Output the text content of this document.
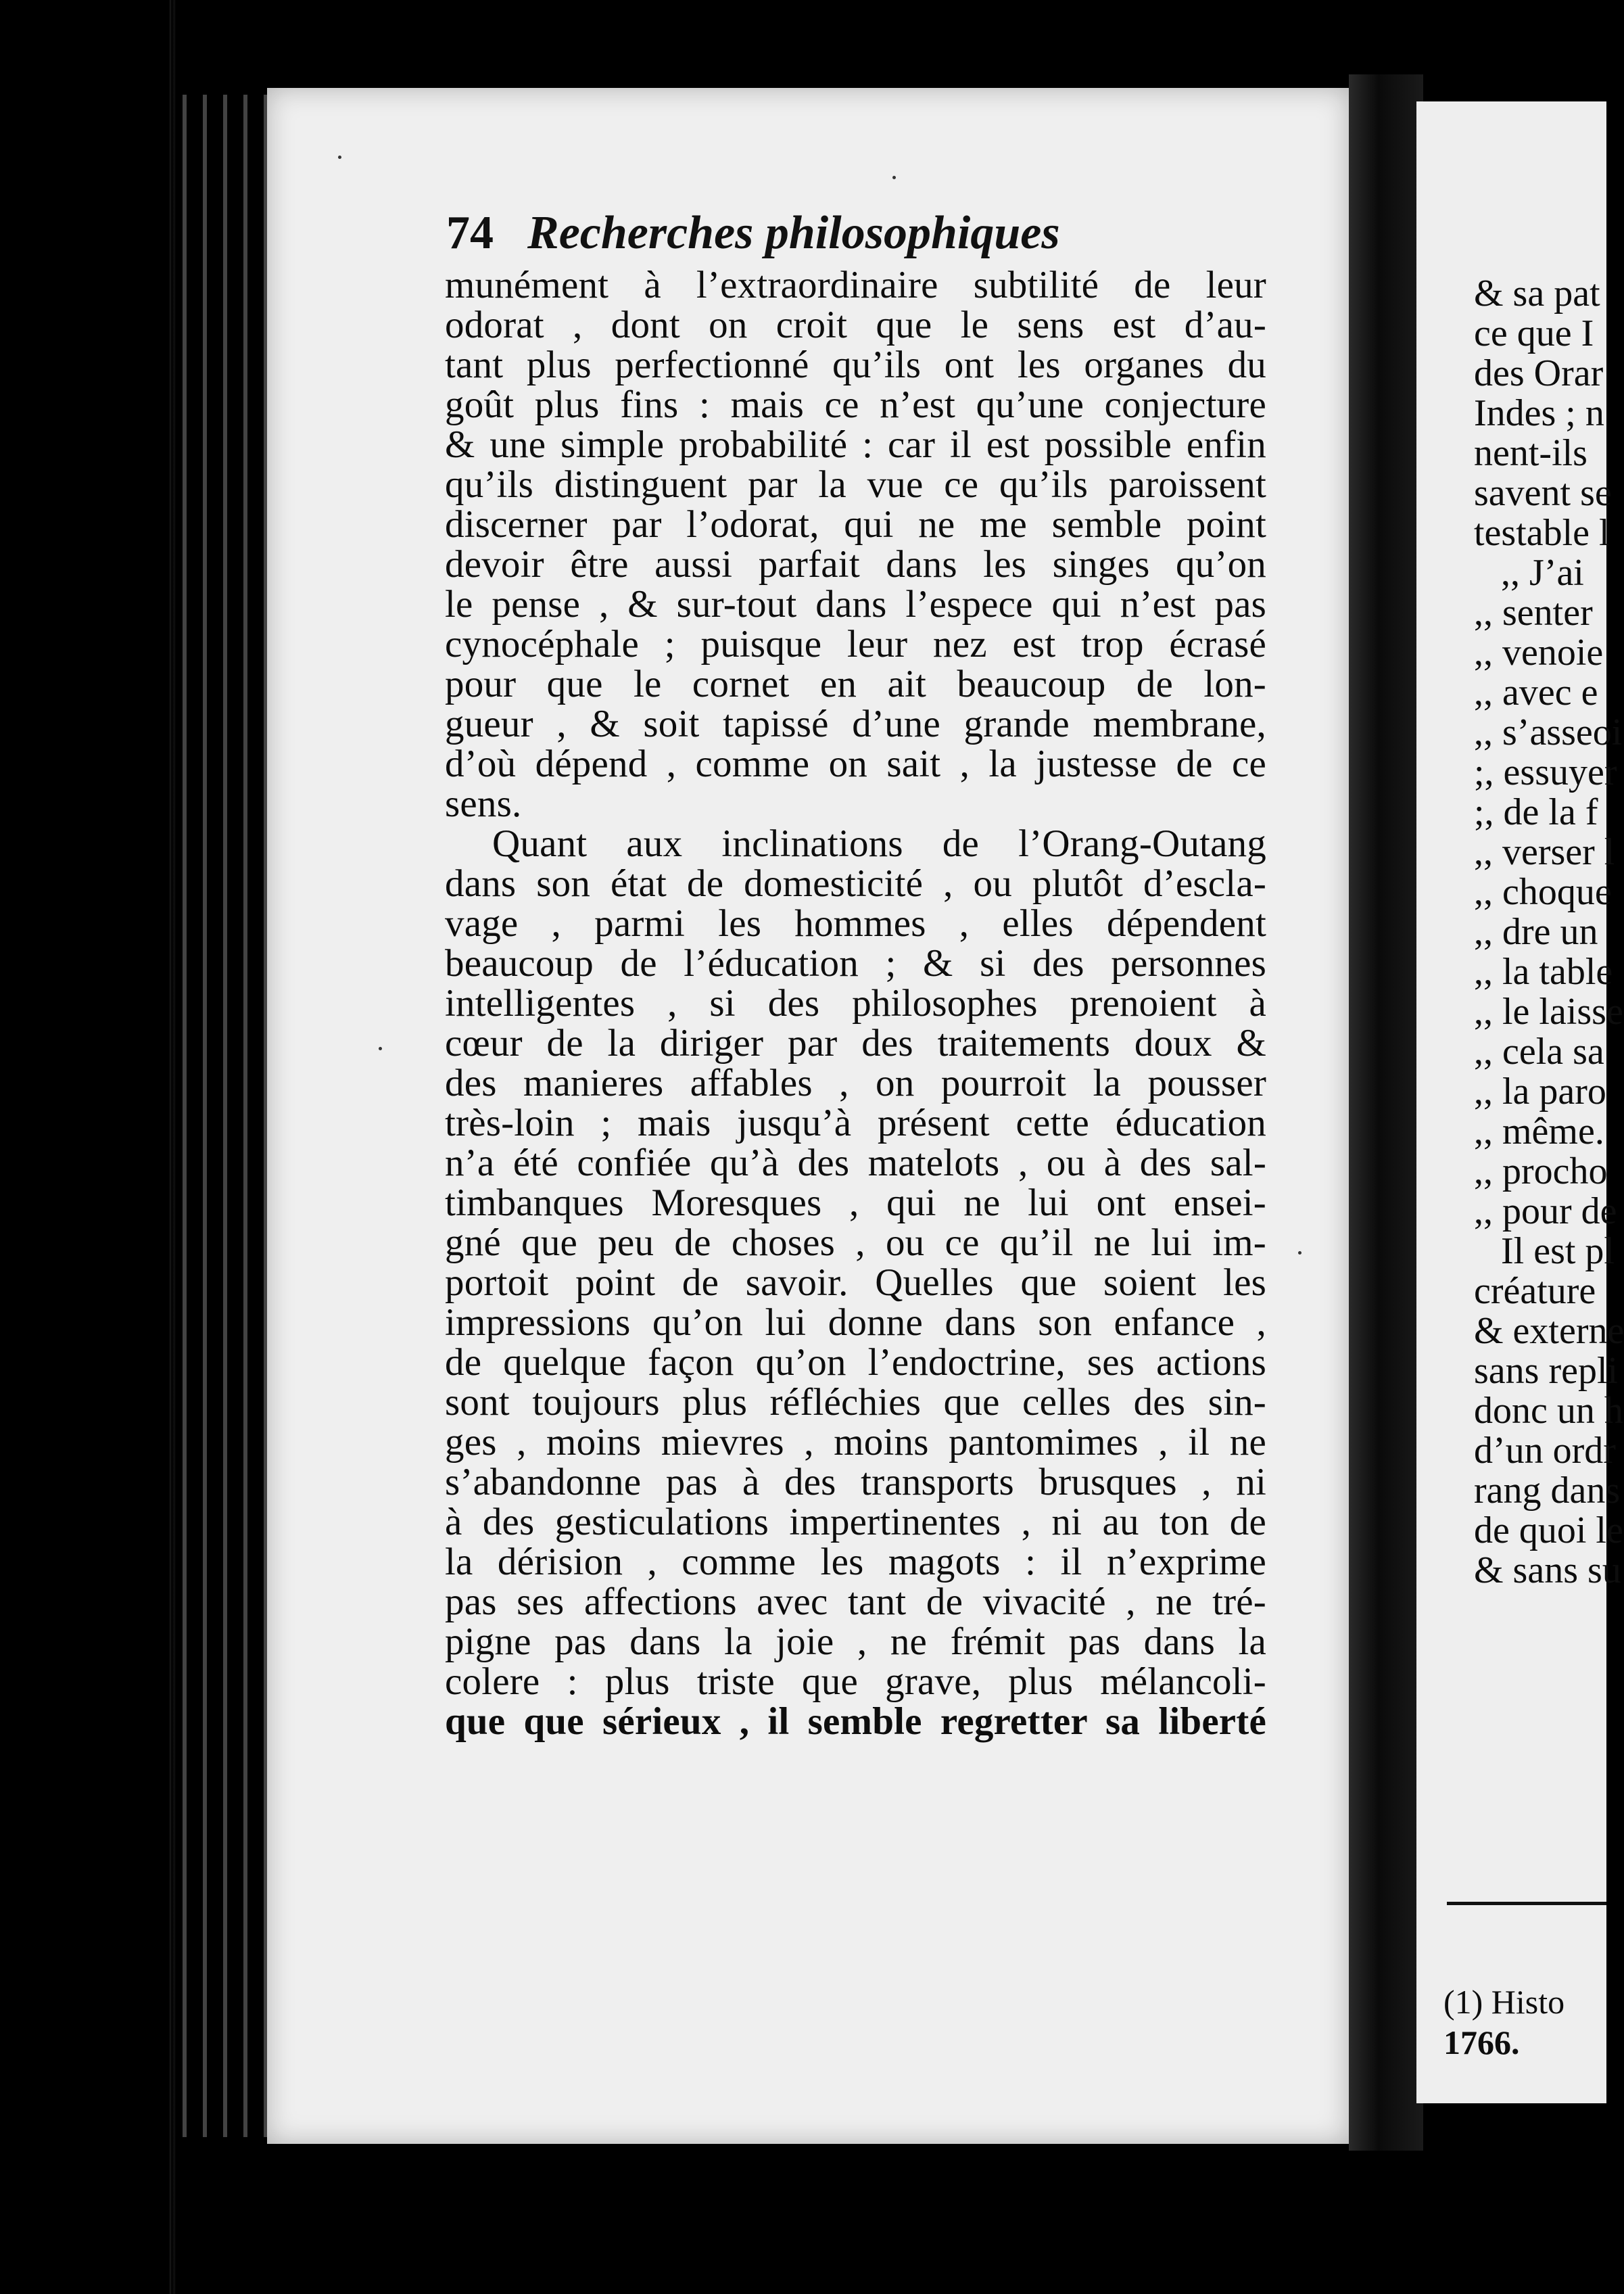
74 Recherches philosophiques
munément à l’extraordinaire subtilité de leur
odorat , dont on croit que le sens est d’au-
tant plus perfectionné qu’ils ont les organes du
goût plus fins : mais ce n’est qu’une conjecture
& une simple probabilité : car il est possible enfin
qu’ils distinguent par la vue ce qu’ils paroissent
discerner par l’odorat, qui ne me semble point
devoir être aussi parfait dans les singes qu’on
le pense , & sur-tout dans l’espece qui n’est pas
cynocéphale ; puisque leur nez est trop écrasé
pour que le cornet en ait beaucoup de lon-
gueur , & soit tapissé d’une grande membrane,
d’où dépend , comme on sait , la justesse de ce
sens.
Quant aux inclinations de l’Orang-Outang
dans son état de domesticité , ou plutôt d’escla-
vage , parmi les hommes , elles dépendent
beaucoup de l’éducation ; & si des personnes
intelligentes , si des philosophes prenoient à
cœur de la diriger par des traitements doux &
des manieres affables , on pourroit la pousser
très-loin ; mais jusqu’à présent cette éducation
n’a été confiée qu’à des matelots , ou à des sal-
timbanques Moresques , qui ne lui ont ensei-
gné que peu de choses , ou ce qu’il ne lui im-
portoit point de savoir. Quelles que soient les
impressions qu’on lui donne dans son enfance ,
de quelque façon qu’on l’endoctrine, ses actions
sont toujours plus réfléchies que celles des sin-
ges , moins mievres , moins pantomimes , il ne
s’abandonne pas à des transports brusques , ni
à des gesticulations impertinentes , ni au ton de
la dérision , comme les magots : il n’exprime
pas ses affections avec tant de vivacité , ne tré-
pigne pas dans la joie , ne frémit pas dans la
colere : plus triste que grave, plus mélancoli-
que que sérieux , il semble regretter sa liberté
& sa pat
ce que I
des Orar
Indes ; n
nent-ils
savent se
testable l
,, J’ai
,, senter
,, venoie
,, avec e
,, s’asseoi
;, essuyer
;, de la f
,, verser l
,, choque
,, dre un
,, la table
,, le laisse
,, cela sa
,, la paro
,, même.
,, procho
,, pour de
Il est pl
créature
& externe
sans repli
donc un h
d’un ordr
rang dans
de quoi le
& sans su
(1) Histo
1766.
